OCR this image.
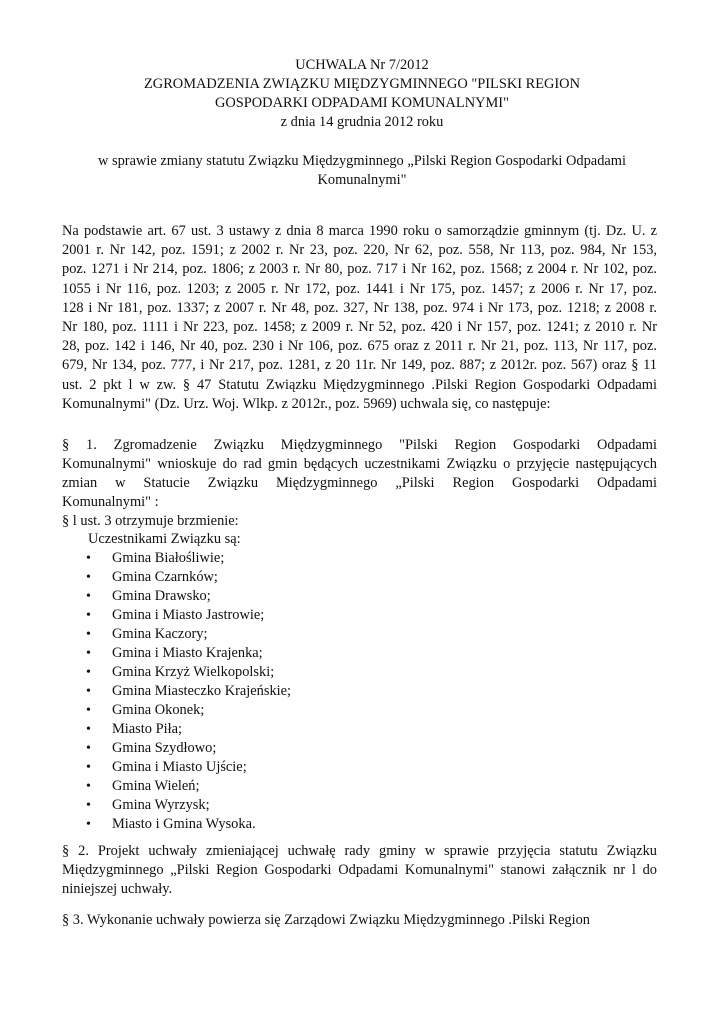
UCHWALA Nr 7/2012
ZGROMADZENIA ZWIĄZKU MIĘDZYGMINNEGO "PILSKI REGION
GOSPODARKI ODPADAMI KOMUNALNYMI"
z dnia 14 grudnia 2012 roku
w sprawie zmiany statutu Związku Międzygminnego „Pilski Region Gospodarki Odpadami
Komunalnymi"
Na podstawie art. 67 ust. 3 ustawy z dnia 8 marca 1990 roku o samorządzie gminnym (tj. Dz. U. z
2001 r. Nr 142, poz. 1591; z 2002 r. Nr 23, poz. 220, Nr 62, poz. 558, Nr 113, poz. 984, Nr 153,
poz. 1271 i Nr 214, poz. 1806; z 2003 r. Nr 80, poz. 717 i Nr 162, poz. 1568; z 2004 r. Nr 102, poz.
1055 i Nr 116, poz. 1203; z 2005 r. Nr 172, poz. 1441 i Nr 175, poz. 1457; z 2006 r. Nr 17, poz.
128 i Nr 181, poz. 1337; z 2007 r. Nr 48, poz. 327, Nr 138, poz. 974 i Nr 173, poz. 1218; z 2008 r.
Nr 180, poz. 1111 i Nr 223, poz. 1458; z 2009 r. Nr 52, poz. 420 i Nr 157, poz. 1241; z 2010 r. Nr
28, poz. 142 i 146, Nr 40, poz. 230 i Nr 106, poz. 675 oraz z 2011 r. Nr 21, poz. 113, Nr 117, poz.
679, Nr 134, poz. 777, i Nr 217, poz. 1281, z 20 11r. Nr 149, poz. 887; z 2012r. poz. 567) oraz § 11
ust. 2 pkt l w zw. § 47 Statutu Związku Międzygminnego .Pilski Region Gospodarki Odpadami
Komunalnymi" (Dz. Urz. Woj. Wlkp. z 2012r., poz. 5969) uchwala się, co następuje:
§ 1. Zgromadzenie Związku Międzygminnego "Pilski Region Gospodarki Odpadami
Komunalnymi" wnioskuje do rad gmin będących uczestnikami Związku o przyjęcie następujących
zmian w Statucie Związku Międzygminnego „Pilski Region Gospodarki Odpadami
Komunalnymi" :
§ l ust. 3 otrzymuje brzmienie:
Uczestnikami Związku są:
•	Gmina Białośliwie;
•	Gmina Czarnków;
•	Gmina Drawsko;
•	Gmina i Miasto Jastrowie;
•	Gmina Kaczory;
•	Gmina i Miasto Krajenka;
•	Gmina Krzyż Wielkopolski;
•	Gmina Miasteczko Krajeńskie;
•	Gmina Okonek;
•	Miasto Piła;
•	Gmina Szydłowo;
•	Gmina i Miasto Ujście;
•	Gmina Wieleń;
•	Gmina Wyrzysk;
•	Miasto i Gmina Wysoka.
§ 2. Projekt uchwały zmieniającej uchwałę rady gminy w sprawie przyjęcia statutu Związku
Międzygminnego „Pilski Region Gospodarki Odpadami Komunalnymi" stanowi załącznik nr l do
niniejszej uchwały.
§ 3. Wykonanie uchwały powierza się Zarządowi Związku Międzygminnego .Pilski Region
